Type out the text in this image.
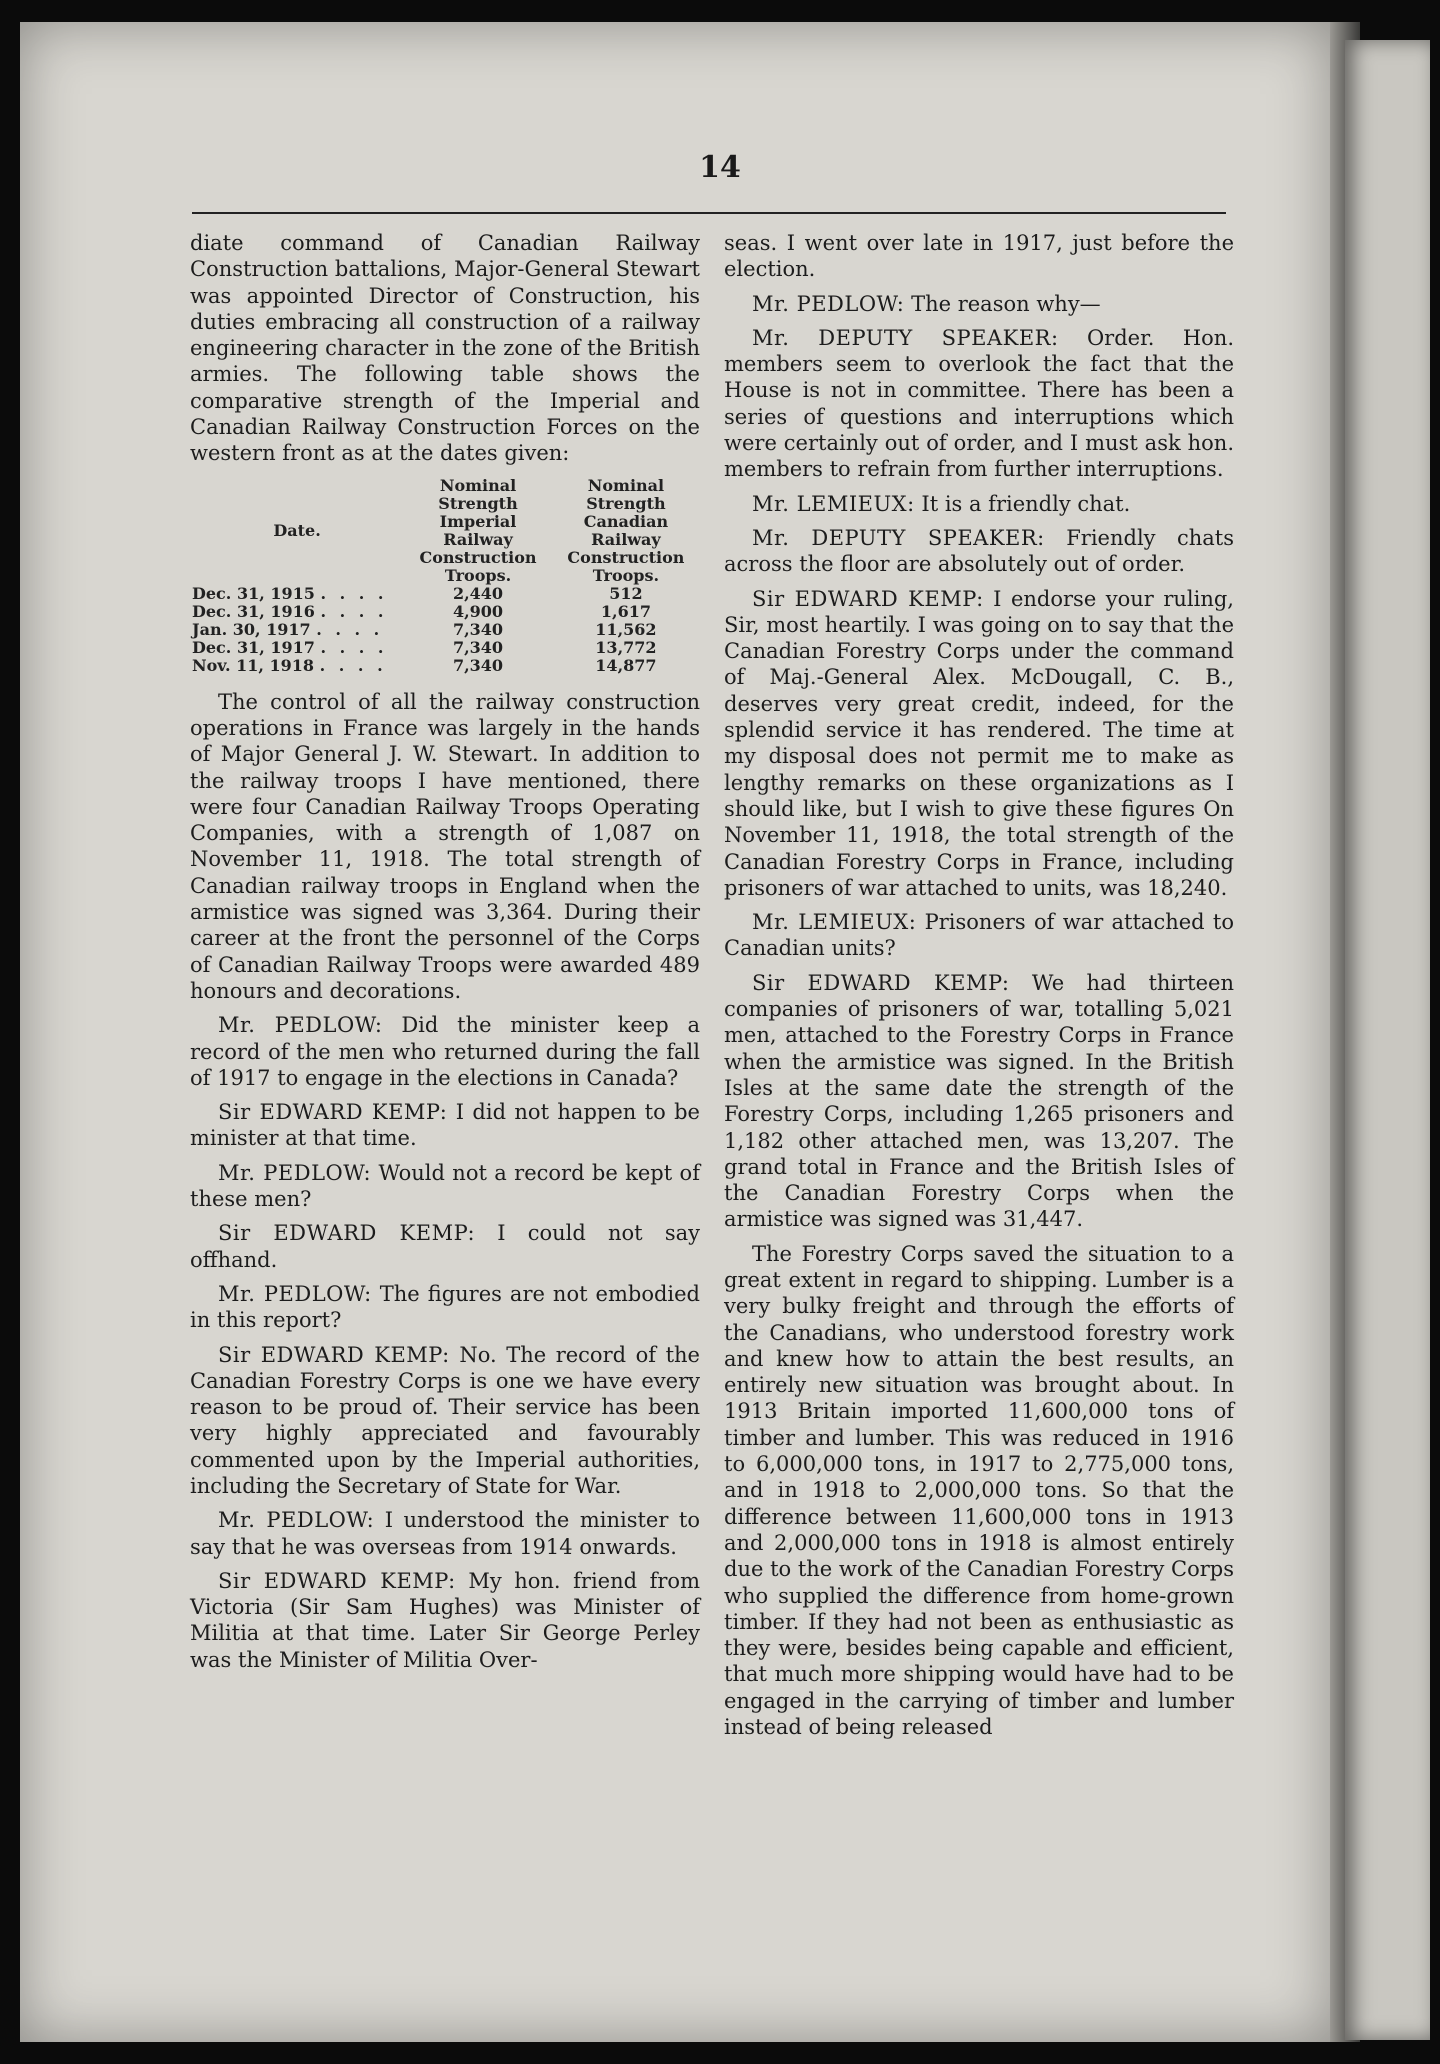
14

diate command of Canadian Railway Construction battalions, Major-General Stewart was appointed Director of Construction, his duties embracing all construction of a railway engineering character in the zone of the British armies. The following table shows the comparative strength of the Imperial and Canadian Railway Construction Forces on the western front as at the dates given:

Date.	Nominal Strength Imperial Railway Construction Troops.	Nominal Strength Canadian Railway Construction Troops.
Dec. 31, 1915 . . . .	2,440	512
Dec. 31, 1916 . . . .	4,900	1,617
Jan. 30, 1917 . . . .	7,340	11,562
Dec. 31, 1917 . . . .	7,340	13,772
Nov. 11, 1918 . . . .	7,340	14,877

The control of all the railway construction operations in France was largely in the hands of Major General J. W. Stewart. In addition to the railway troops I have mentioned, there were four Canadian Railway Troops Operating Companies, with a strength of 1,087 on November 11, 1918. The total strength of Canadian railway troops in England when the armistice was signed was 3,364. During their career at the front the personnel of the Corps of Canadian Railway Troops were awarded 489 honours and decorations.

Mr. PEDLOW: Did the minister keep a record of the men who returned during the fall of 1917 to engage in the elections in Canada?

Sir EDWARD KEMP: I did not happen to be minister at that time.

Mr. PEDLOW: Would not a record be kept of these men?

Sir EDWARD KEMP: I could not say offhand.

Mr. PEDLOW: The figures are not embodied in this report?

Sir EDWARD KEMP: No. The record of the Canadian Forestry Corps is one we have every reason to be proud of. Their service has been very highly appreciated and favourably commented upon by the Imperial authorities, including the Secretary of State for War.

Mr. PEDLOW: I understood the minister to say that he was overseas from 1914 onwards.

Sir EDWARD KEMP: My hon. friend from Victoria (Sir Sam Hughes) was Minister of Militia at that time. Later Sir George Perley was the Minister of Militia Over-

seas. I went over late in 1917, just before the election.

Mr. PEDLOW: The reason why—

Mr. DEPUTY SPEAKER: Order. Hon. members seem to overlook the fact that the House is not in committee. There has been a series of questions and interruptions which were certainly out of order, and I must ask hon. members to refrain from further interruptions.

Mr. LEMIEUX: It is a friendly chat.

Mr. DEPUTY SPEAKER: Friendly chats across the floor are absolutely out of order.

Sir EDWARD KEMP: I endorse your ruling, Sir, most heartily. I was going on to say that the Canadian Forestry Corps under the command of Maj.-General Alex. McDougall, C. B., deserves very great credit, indeed, for the splendid service it has rendered. The time at my disposal does not permit me to make as lengthy remarks on these organizations as I should like, but I wish to give these figures On November 11, 1918, the total strength of the Canadian Forestry Corps in France, including prisoners of war attached to units, was 18,240.

Mr. LEMIEUX: Prisoners of war attached to Canadian units?

Sir EDWARD KEMP: We had thirteen companies of prisoners of war, totalling 5,021 men, attached to the Forestry Corps in France when the armistice was signed. In the British Isles at the same date the strength of the Forestry Corps, including 1,265 prisoners and 1,182 other attached men, was 13,207. The grand total in France and the British Isles of the Canadian Forestry Corps when the armistice was signed was 31,447.

The Forestry Corps saved the situation to a great extent in regard to shipping. Lumber is a very bulky freight and through the efforts of the Canadians, who understood forestry work and knew how to attain the best results, an entirely new situation was brought about. In 1913 Britain imported 11,600,000 tons of timber and lumber. This was reduced in 1916 to 6,000,000 tons, in 1917 to 2,775,000 tons, and in 1918 to 2,000,000 tons. So that the difference between 11,600,000 tons in 1913 and 2,000,000 tons in 1918 is almost entirely due to the work of the Canadian Forestry Corps who supplied the difference from home-grown timber. If they had not been as enthusiastic as they were, besides being capable and efficient, that much more shipping would have had to be engaged in the carrying of timber and lumber instead of being released
